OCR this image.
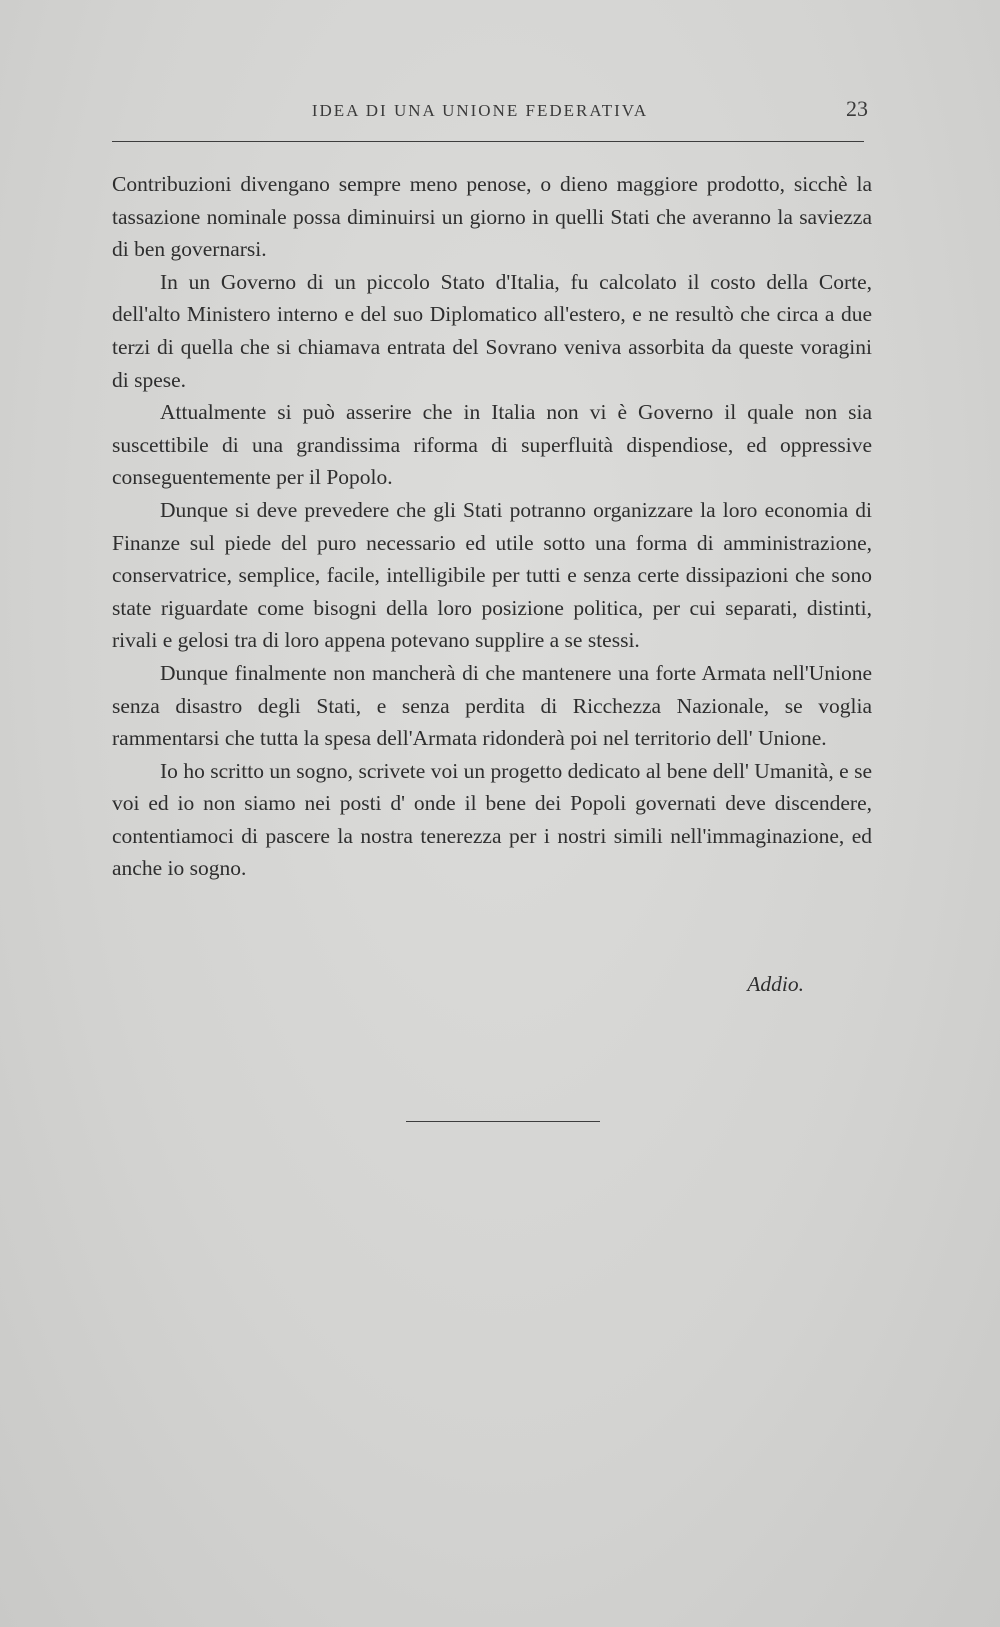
IDEA DI UNA UNIONE FEDERATIVA	23

Contribuzioni divengano sempre meno penose, o dieno maggiore prodotto, sicchè la tassazione nominale possa diminuirsi un giorno in quelli Stati che averanno la saviezza di ben governarsi.

In un Governo di un piccolo Stato d'Italia, fu calcolato il costo della Corte, dell'alto Ministero interno e del suo Diplomatico all'estero, e ne resultò che circa a due terzi di quella che si chiamava entrata del Sovrano veniva assorbita da queste voragini di spese.

Attualmente si può asserire che in Italia non vi è Governo il quale non sia suscettibile di una grandissima riforma di superfluità dispendiose, ed oppressive conseguentemente per il Popolo.

Dunque si deve prevedere che gli Stati potranno organizzare la loro economia di Finanze sul piede del puro necessario ed utile sotto una forma di amministrazione, conservatrice, semplice, facile, intelligibile per tutti e senza certe dissipazioni che sono state riguardate come bisogni della loro posizione politica, per cui separati, distinti, rivali e gelosi tra di loro appena potevano supplire a se stessi.

Dunque finalmente non mancherà di che mantenere una forte Armata nell'Unione senza disastro degli Stati, e senza perdita di Ricchezza Nazionale, se voglia rammentarsi che tutta la spesa dell'Armata ridonderà poi nel territorio dell' Unione.

Io ho scritto un sogno, scrivete voi un progetto dedicato al bene dell' Umanità, e se voi ed io non siamo nei posti d' onde il bene dei Popoli governati deve discendere, contentiamoci di pascere la nostra tenerezza per i nostri simili nell'immaginazione, ed anche io sogno.

Addio.
